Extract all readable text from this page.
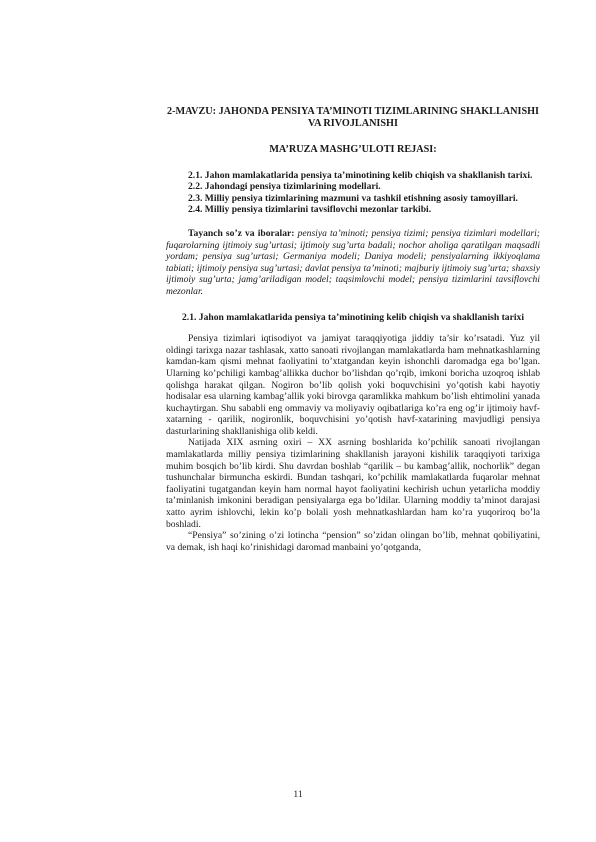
2-MAVZU: JAHONDA PENSIYA TA’MINOTI TIZIMLARINING SHAKLLANISHI VA RIVOJLANISHI
MA’RUZA MASHG’ULOTI REJASI:

2.1. Jahon mamlakatlarida pensiya ta’minotining kelib chiqish va shakllanish tarixi.

2.2. Jahondagi pensiya tizimlarining modellari.

2.3. Milliy pensiya tizimlarining mazmuni va tashkil etishning asosiy tamoyillari.

2.4. Milliy pensiya tizimlarini tavsiflovchi mezonlar tarkibi.

Tayanch so’z va iboralar: pensiya ta’minoti; pensiya tizimi; pensiya tizimlari modellari; fuqarolarning ijtimoiy sug’urtasi; ijtimoiy sug’urta badali; nochor aholiga qaratilgan maqsadli yordam; pensiya sug’urtasi; Germaniya modeli; Daniya modeli; pensiyalarning ikkiyoqlama tabiati; ijtimoiy pensiya sug’urtasi; davlat pensiya ta’minoti; majburiy ijtimoiy sug’urta; shaxsiy ijtimoiy sug’urta; jamg’ariladigan model; taqsimlovchi model; pensiya tizimlarini tavsiflovchi mezonlar.
2.1. Jahon mamlakatlarida pensiya ta’minotining kelib chiqish va shakllanish tarixi

Pensiya tizimlari iqtisodiyot va jamiyat taraqqiyotiga jiddiy ta’sir ko’rsatadi. Yuz yil oldingi tarixga nazar tashlasak, xatto sanoati rivojlangan mamlakatlarda ham mehnatkashlarning kamdan-kam qismi mehnat faoliyatini to’xtatgandan keyin ishonchli daromadga ega bo’lgan. Ularning ko’pchiligi kambag’allikka duchor bo’lishdan qo’rqib, imkoni boricha uzoqroq ishlab qolishga harakat qilgan. Nogiron bo’lib qolish yoki boquvchisini yo’qotish kabi hayotiy hodisalar esa ularning kambag’allik yoki birovga qaramlikka mahkum bo’lish ehtimolini yanada kuchaytirgan. Shu sababli eng ommaviy va moliyaviy oqibatlariga ko’ra eng og’ir ijtimoiy havf-xatarning - qarilik, nogironlik, boquvchisini yo’qotish havf-xatarining mavjudligi pensiya dasturlarining shakllanishiga olib keldi.

Natijada XIX asrning oxiri – XX asrning boshlarida ko’pchilik sanoati rivojlangan mamlakatlarda milliy pensiya tizimlarining shakllanish jarayoni kishilik taraqqiyoti tarixiga muhim bosqich bo’lib kirdi. Shu davrdan boshlab “qarilik – bu kambag’allik, nochorlik” degan tushunchalar birmuncha eskirdi. Bundan tashqari, ko’pchilik mamlakatlarda fuqarolar mehnat faoliyatini tugatgandan keyin ham normal hayot faoliyatini kechirish uchun yetarlicha moddiy ta’minlanish imkonini beradigan pensiyalarga ega bo’ldilar. Ularning moddiy ta’minot darajasi xatto ayrim ishlovchi, lekin ko’p bolali yosh mehnatkashlardan ham ko’ra yuqoriroq bo’la boshladi.

“Pensiya” so’zining o’zi lotincha “pension” so’zidan olingan bo’lib, mehnat qobiliyatini, va demak, ish haqi ko’rinishidagi daromad manbaini yo’qotganda,

11
